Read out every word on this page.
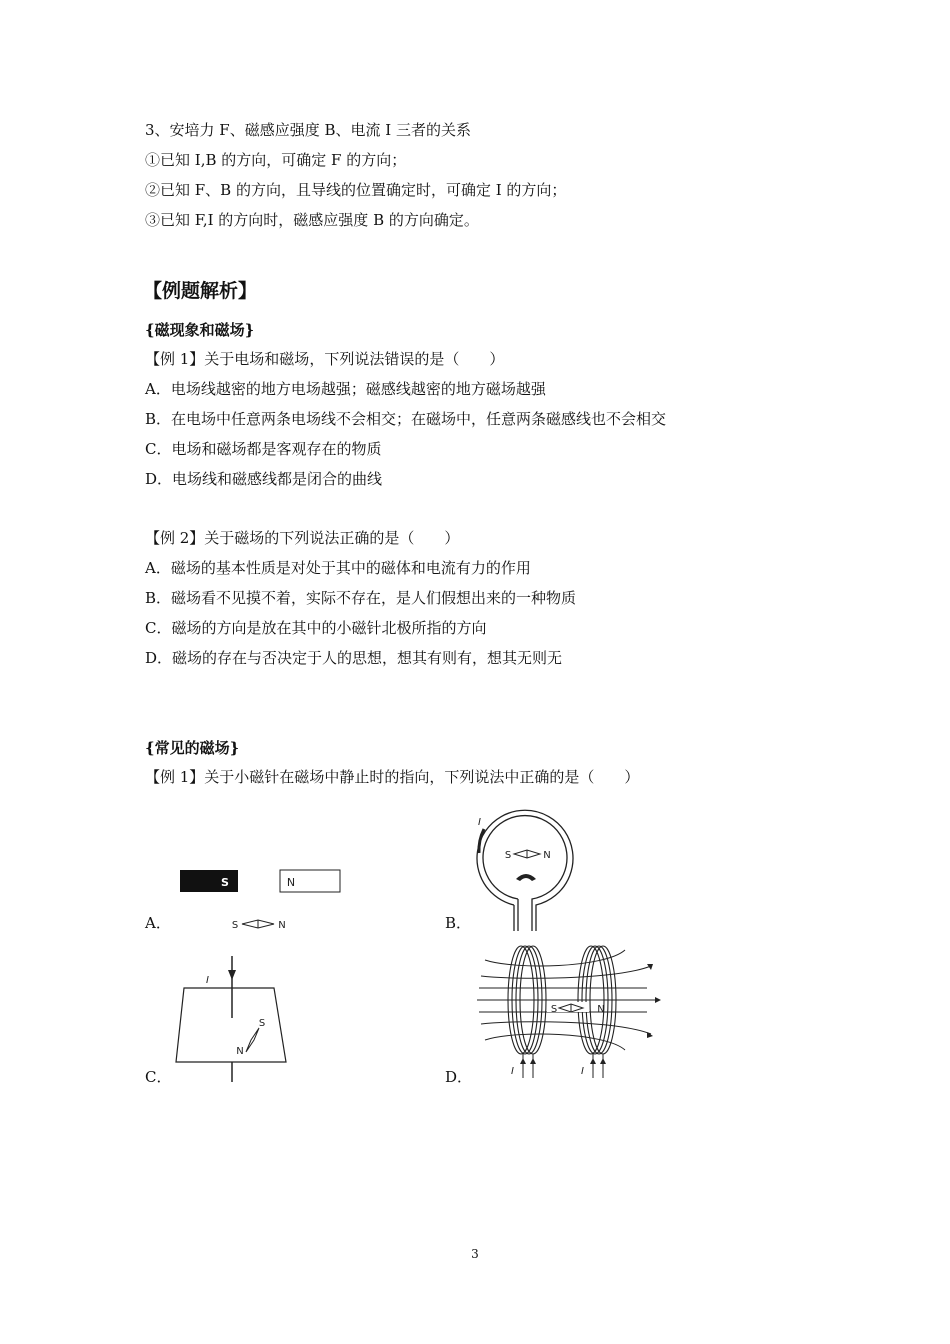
3、安培力 F、磁感应强度 B、电流 I 三者的关系
①已知 I,B 的方向，可确定 F 的方向；
②已知 F、B 的方向，且导线的位置确定时，可确定 I 的方向；
③已知 F,I 的方向时，磁感应强度 B 的方向确定。
【例题解析】
{磁现象和磁场}
【例 1】关于电场和磁场，下列说法错误的是（　　）
A．电场线越密的地方电场越强；磁感线越密的地方磁场越强
B．在电场中任意两条电场线不会相交；在磁场中，任意两条磁感线也不会相交
C．电场和磁场都是客观存在的物质
D．电场线和磁感线都是闭合的曲线
【例 2】关于磁场的下列说法正确的是（　　）
A．磁场的基本性质是对处于其中的磁体和电流有力的作用
B．磁场看不见摸不着，实际不存在，是人们假想出来的一种物质
C．磁场的方向是放在其中的小磁针北极所指的方向
D．磁场的存在与否决定于人的思想，想其有则有，想其无则无
{常见的磁场}
【例 1】关于小磁针在磁场中静止时的指向，下列说法中正确的是（　　）
A．	B．
C．	D．
S	N
S	N
I
S	N
I
S
N
I	I
S	N
3
